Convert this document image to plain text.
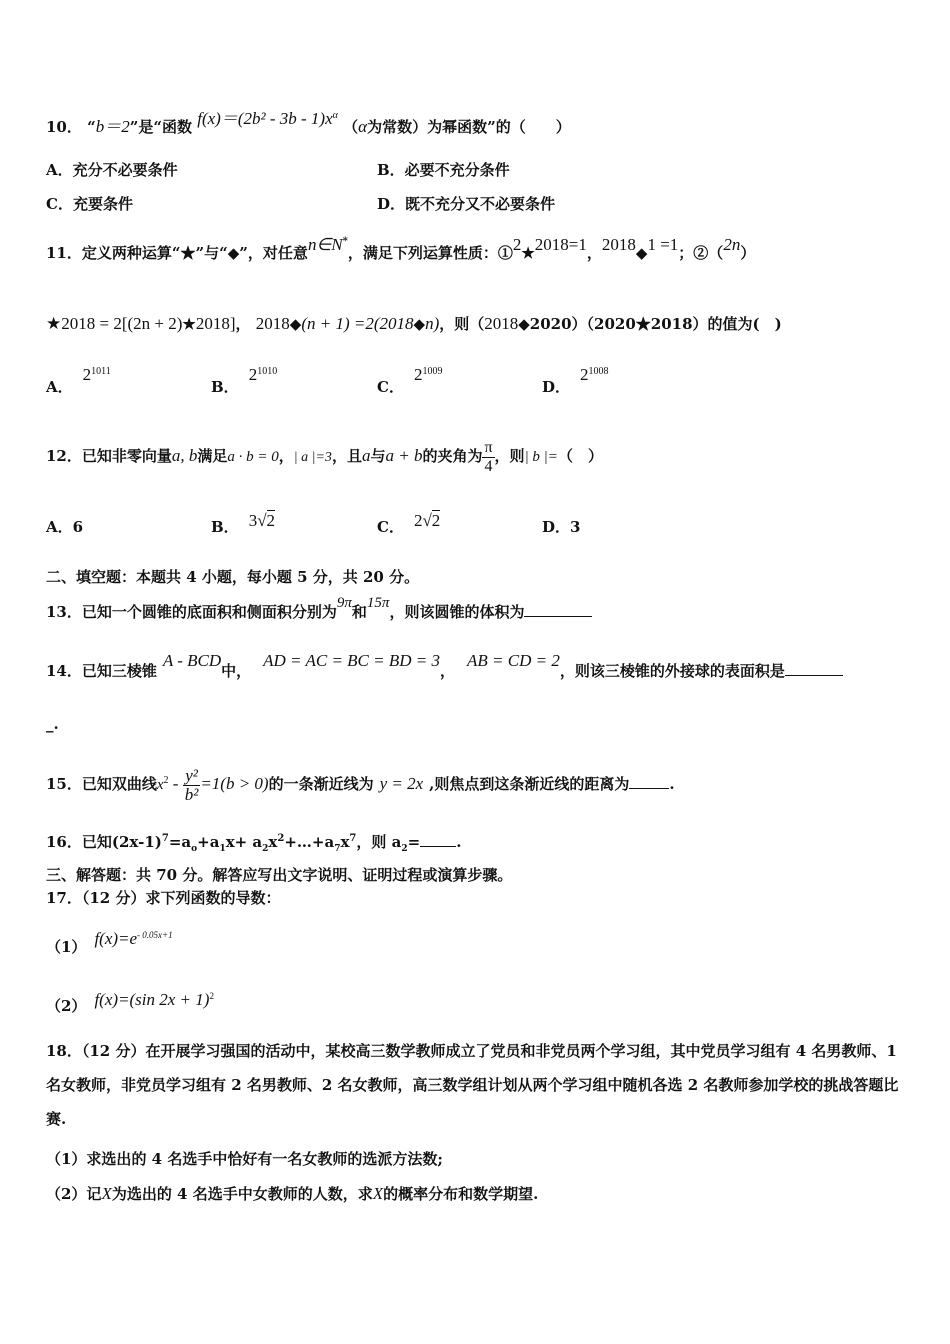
10． “b＝2”是“函数 $f(x)=(2b^2 - 3b - 1)x^\alpha$ （α为常数）为幂函数”的（　　）
A．充分不必要条件	B．必要不充分条件
C．充要条件	D．既不充分又不必要条件
11．定义两种运算“★”与“◆”，对任意n∈N*，满足下列运算性质：①2★2018=1，2018◆1 =1；②（2n）
★2018 = 2[(2n + 2)★2018]， 2018◆(n + 1) =2(2018◆n)，则（2018◆2020）（2020★2018）的值为(　)
A．$2^{1011}$
B．$2^{1010}$
C．$2^{1009}$
D．$2^{1008}$
12．已知非零向量a, b满足a · b = 0，| a |=3，且a与a + b的夹角为 $\frac{\pi}{4}$ ，则| b |=（　）
A．6	B． 3√2	C． 2√2	D．3
二、填空题：本题共 4 小题，每小题 5 分，共 20 分。
13．已知一个圆锥的底面积和侧面积分别为9π和15π，则该圆锥的体积为
14．已知三棱锥A - BCD中，AD = AC = BC = BD = 3，AB = CD = 2，则该三棱锥的外接球的表面积是
_.
15．已知双曲线$x^2 - \frac{\text{y²}}{\text{b²}} =1(b > 0)$的一条渐近线为 y = 2x ,则焦点到这条渐近线的距离为	.
16．已知$(2x-1)^7=a_o+a_1x+$ $a_2x^2+\dots+a_7x^7$，则 $a_2=$ .
三、解答题：共 70 分。解答应写出文字说明、证明过程或演算步骤。
17．（12 分）求下列函数的导数：
（1） $f(x)=e^{- 0.05x+1}$
（2） f(x)=(sin 2x + 1)$^2$
18．（12 分）在开展学习强国的活动中，某校高三数学教师成立了党员和非党员两个学习组，其中党员学习组有 4 名男教师、1 名女教师，非党员学习组有 2 名男教师、2 名女教师，高三数学组计划从两个学习组中随机各选 2 名教师参加学校的挑战答题比赛.
（1）求选出的 4 名选手中恰好有一名女教师的选派方法数;
（2）记X为选出的 4 名选手中女教师的人数，求X的概率分布和数学期望.
